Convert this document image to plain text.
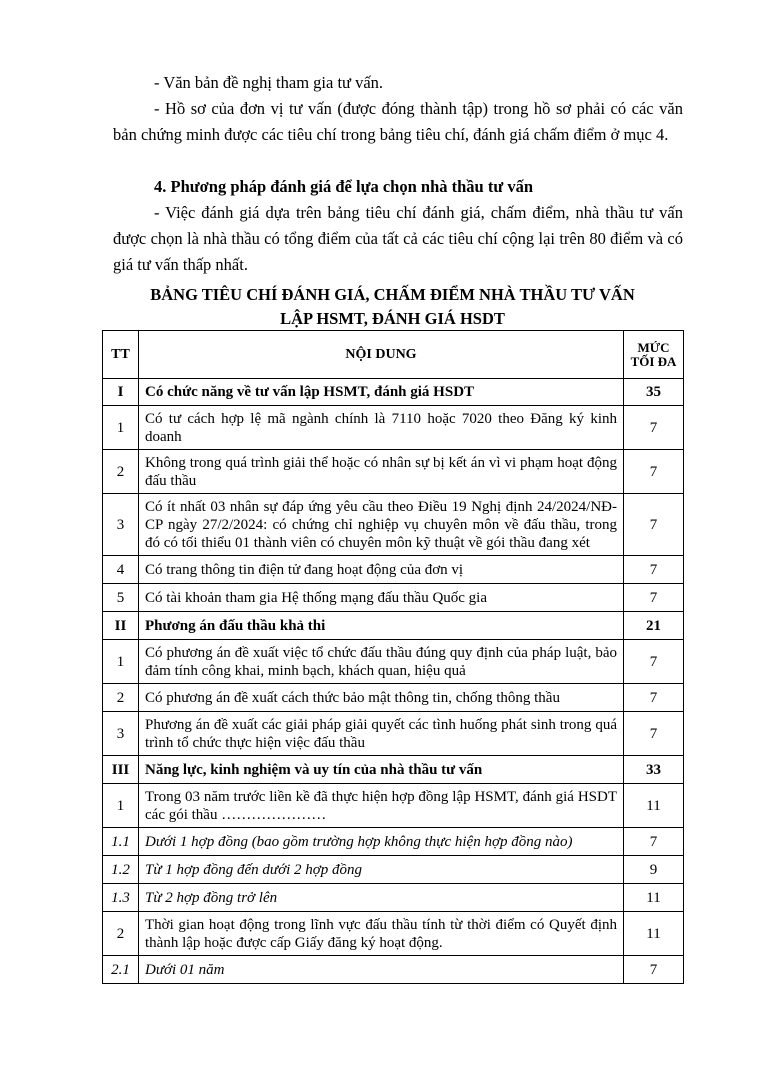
- Văn bản đề nghị tham gia tư vấn.

- Hồ sơ của đơn vị tư vấn (được đóng thành tập) trong hồ sơ phải có các văn bản chứng minh được các tiêu chí trong bảng tiêu chí, đánh giá chấm điểm ở mục 4.

4. Phương pháp đánh giá để lựa chọn nhà thầu tư vấn

- Việc đánh giá dựa trên bảng tiêu chí đánh giá, chấm điểm, nhà thầu tư vấn được chọn là nhà thầu có tổng điểm của tất cả các tiêu chí cộng lại trên 80 điểm và có giá tư vấn thấp nhất.

BẢNG TIÊU CHÍ ĐÁNH GIÁ, CHẤM ĐIỂM NHÀ THẦU TƯ VẤN
LẬP HSMT, ĐÁNH GIÁ HSDT
TT	NỘI DUNG	MỨC
TỐI ĐA
I	Có chức năng về tư vấn lập HSMT, đánh giá HSDT	35
1	Có tư cách hợp lệ mã ngành chính là 7110 hoặc 7020 theo Đăng ký kinh doanh	7
2	Không trong quá trình giải thể hoặc có nhân sự bị kết án vì vi phạm hoạt động đấu thầu	7
3	Có ít nhất 03 nhân sự đáp ứng yêu cầu theo Điều 19 Nghị định 24/2024/NĐ-CP ngày 27/2/2024: có chứng chỉ nghiệp vụ chuyên môn về đấu thầu, trong đó có tối thiểu 01 thành viên có chuyên môn kỹ thuật về gói thầu đang xét	7
4	Có trang thông tin điện tử đang hoạt động của đơn vị	7
5	Có tài khoản tham gia Hệ thống mạng đấu thầu Quốc gia	7
II	Phương án đấu thầu khả thi	21
1	Có phương án đề xuất việc tổ chức đấu thầu đúng quy định của pháp luật, bảo đảm tính công khai, minh bạch, khách quan, hiệu quả	7
2	Có phương án đề xuất cách thức bảo mật thông tin, chống thông thầu	7
3	Phương án đề xuất các giải pháp giải quyết các tình huống phát sinh trong quá trình tổ chức thực hiện việc đấu thầu	7
III	Năng lực, kinh nghiệm và uy tín của nhà thầu tư vấn	33
1	Trong 03 năm trước liền kề đã thực hiện hợp đồng lập HSMT, đánh giá HSDT các gói thầu …………………	11
1.1	Dưới 1 hợp đồng (bao gồm trường hợp không thực hiện hợp đồng nào)	7
1.2	Từ 1 hợp đồng đến dưới 2 hợp đồng	9
1.3	Từ 2 hợp đồng trở lên	11
2	Thời gian hoạt động trong lĩnh vực đấu thầu tính từ thời điểm có Quyết định thành lập hoặc được cấp Giấy đăng ký hoạt động.	11
2.1	Dưới 01 năm	7
